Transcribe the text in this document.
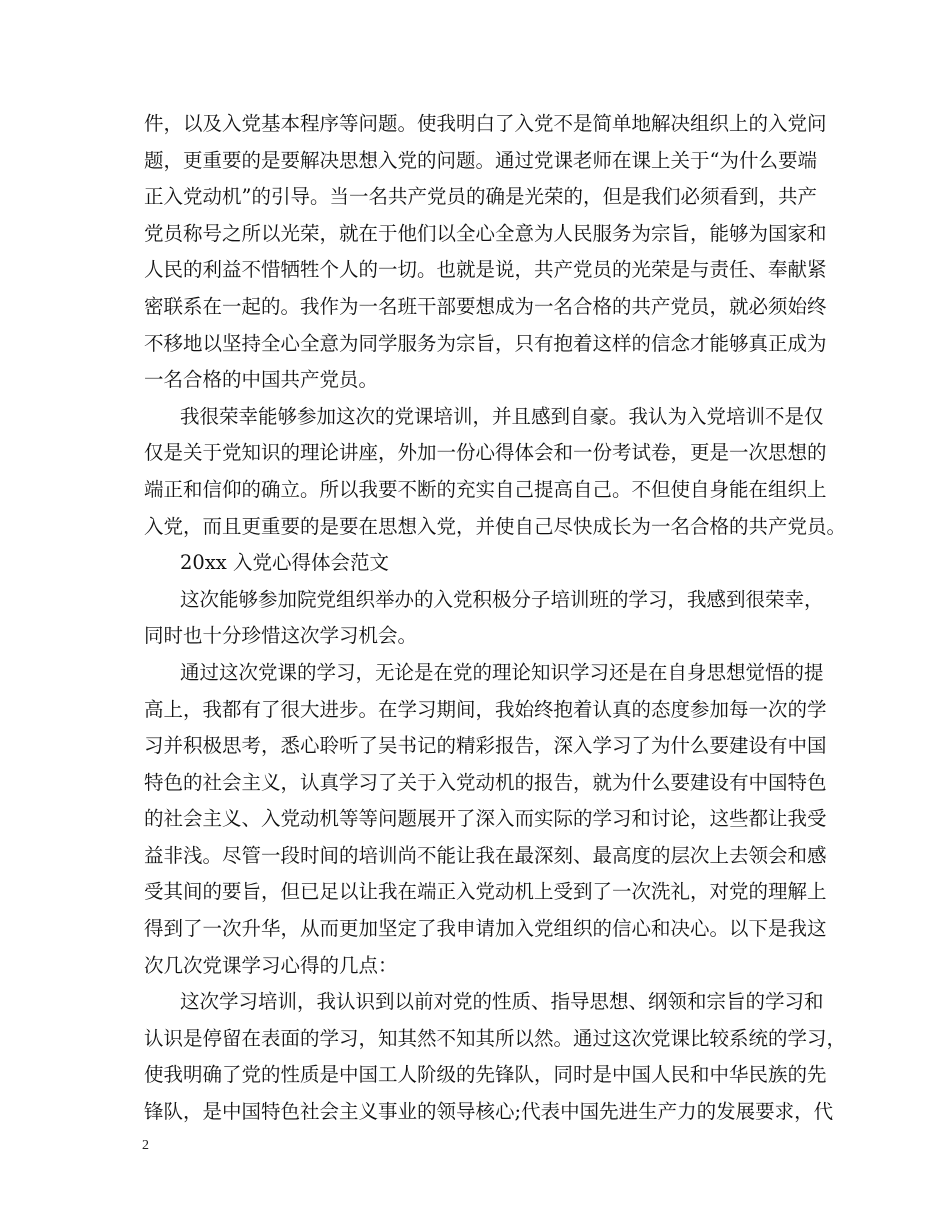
件，以及入党基本程序等问题。使我明白了入党不是简单地解决组织上的入党问
题，更重要的是要解决思想入党的问题。通过党课老师在课上关于“为什么要端
正入党动机”的引导。当一名共产党员的确是光荣的，但是我们必须看到，共产
党员称号之所以光荣，就在于他们以全心全意为人民服务为宗旨，能够为国家和
人民的利益不惜牺牲个人的一切。也就是说，共产党员的光荣是与责任、奉献紧
密联系在一起的。我作为一名班干部要想成为一名合格的共产党员，就必须始终
不移地以坚持全心全意为同学服务为宗旨，只有抱着这样的信念才能够真正成为
一名合格的中国共产党员。
我很荣幸能够参加这次的党课培训，并且感到自豪。我认为入党培训不是仅
仅是关于党知识的理论讲座，外加一份心得体会和一份考试卷，更是一次思想的
端正和信仰的确立。所以我要不断的充实自己提高自己。不但使自身能在组织上
入党，而且更重要的是要在思想入党，并使自己尽快成长为一名合格的共产党员。
20xx 入党心得体会范文
这次能够参加院党组织举办的入党积极分子培训班的学习，我感到很荣幸，
同时也十分珍惜这次学习机会。
通过这次党课的学习，无论是在党的理论知识学习还是在自身思想觉悟的提
高上，我都有了很大进步。在学习期间，我始终抱着认真的态度参加每一次的学
习并积极思考，悉心聆听了吴书记的精彩报告，深入学习了为什么要建设有中国
特色的社会主义，认真学习了关于入党动机的报告，就为什么要建设有中国特色
的社会主义、入党动机等等问题展开了深入而实际的学习和讨论，这些都让我受
益非浅。尽管一段时间的培训尚不能让我在最深刻、最高度的层次上去领会和感
受其间的要旨，但已足以让我在端正入党动机上受到了一次洗礼，对党的理解上
得到了一次升华，从而更加坚定了我申请加入党组织的信心和决心。以下是我这
次几次党课学习心得的几点：
这次学习培训，我认识到以前对党的性质、指导思想、纲领和宗旨的学习和
认识是停留在表面的学习，知其然不知其所以然。通过这次党课比较系统的学习，
使我明确了党的性质是中国工人阶级的先锋队，同时是中国人民和中华民族的先
锋队，是中国特色社会主义事业的领导核心;代表中国先进生产力的发展要求，代
2
